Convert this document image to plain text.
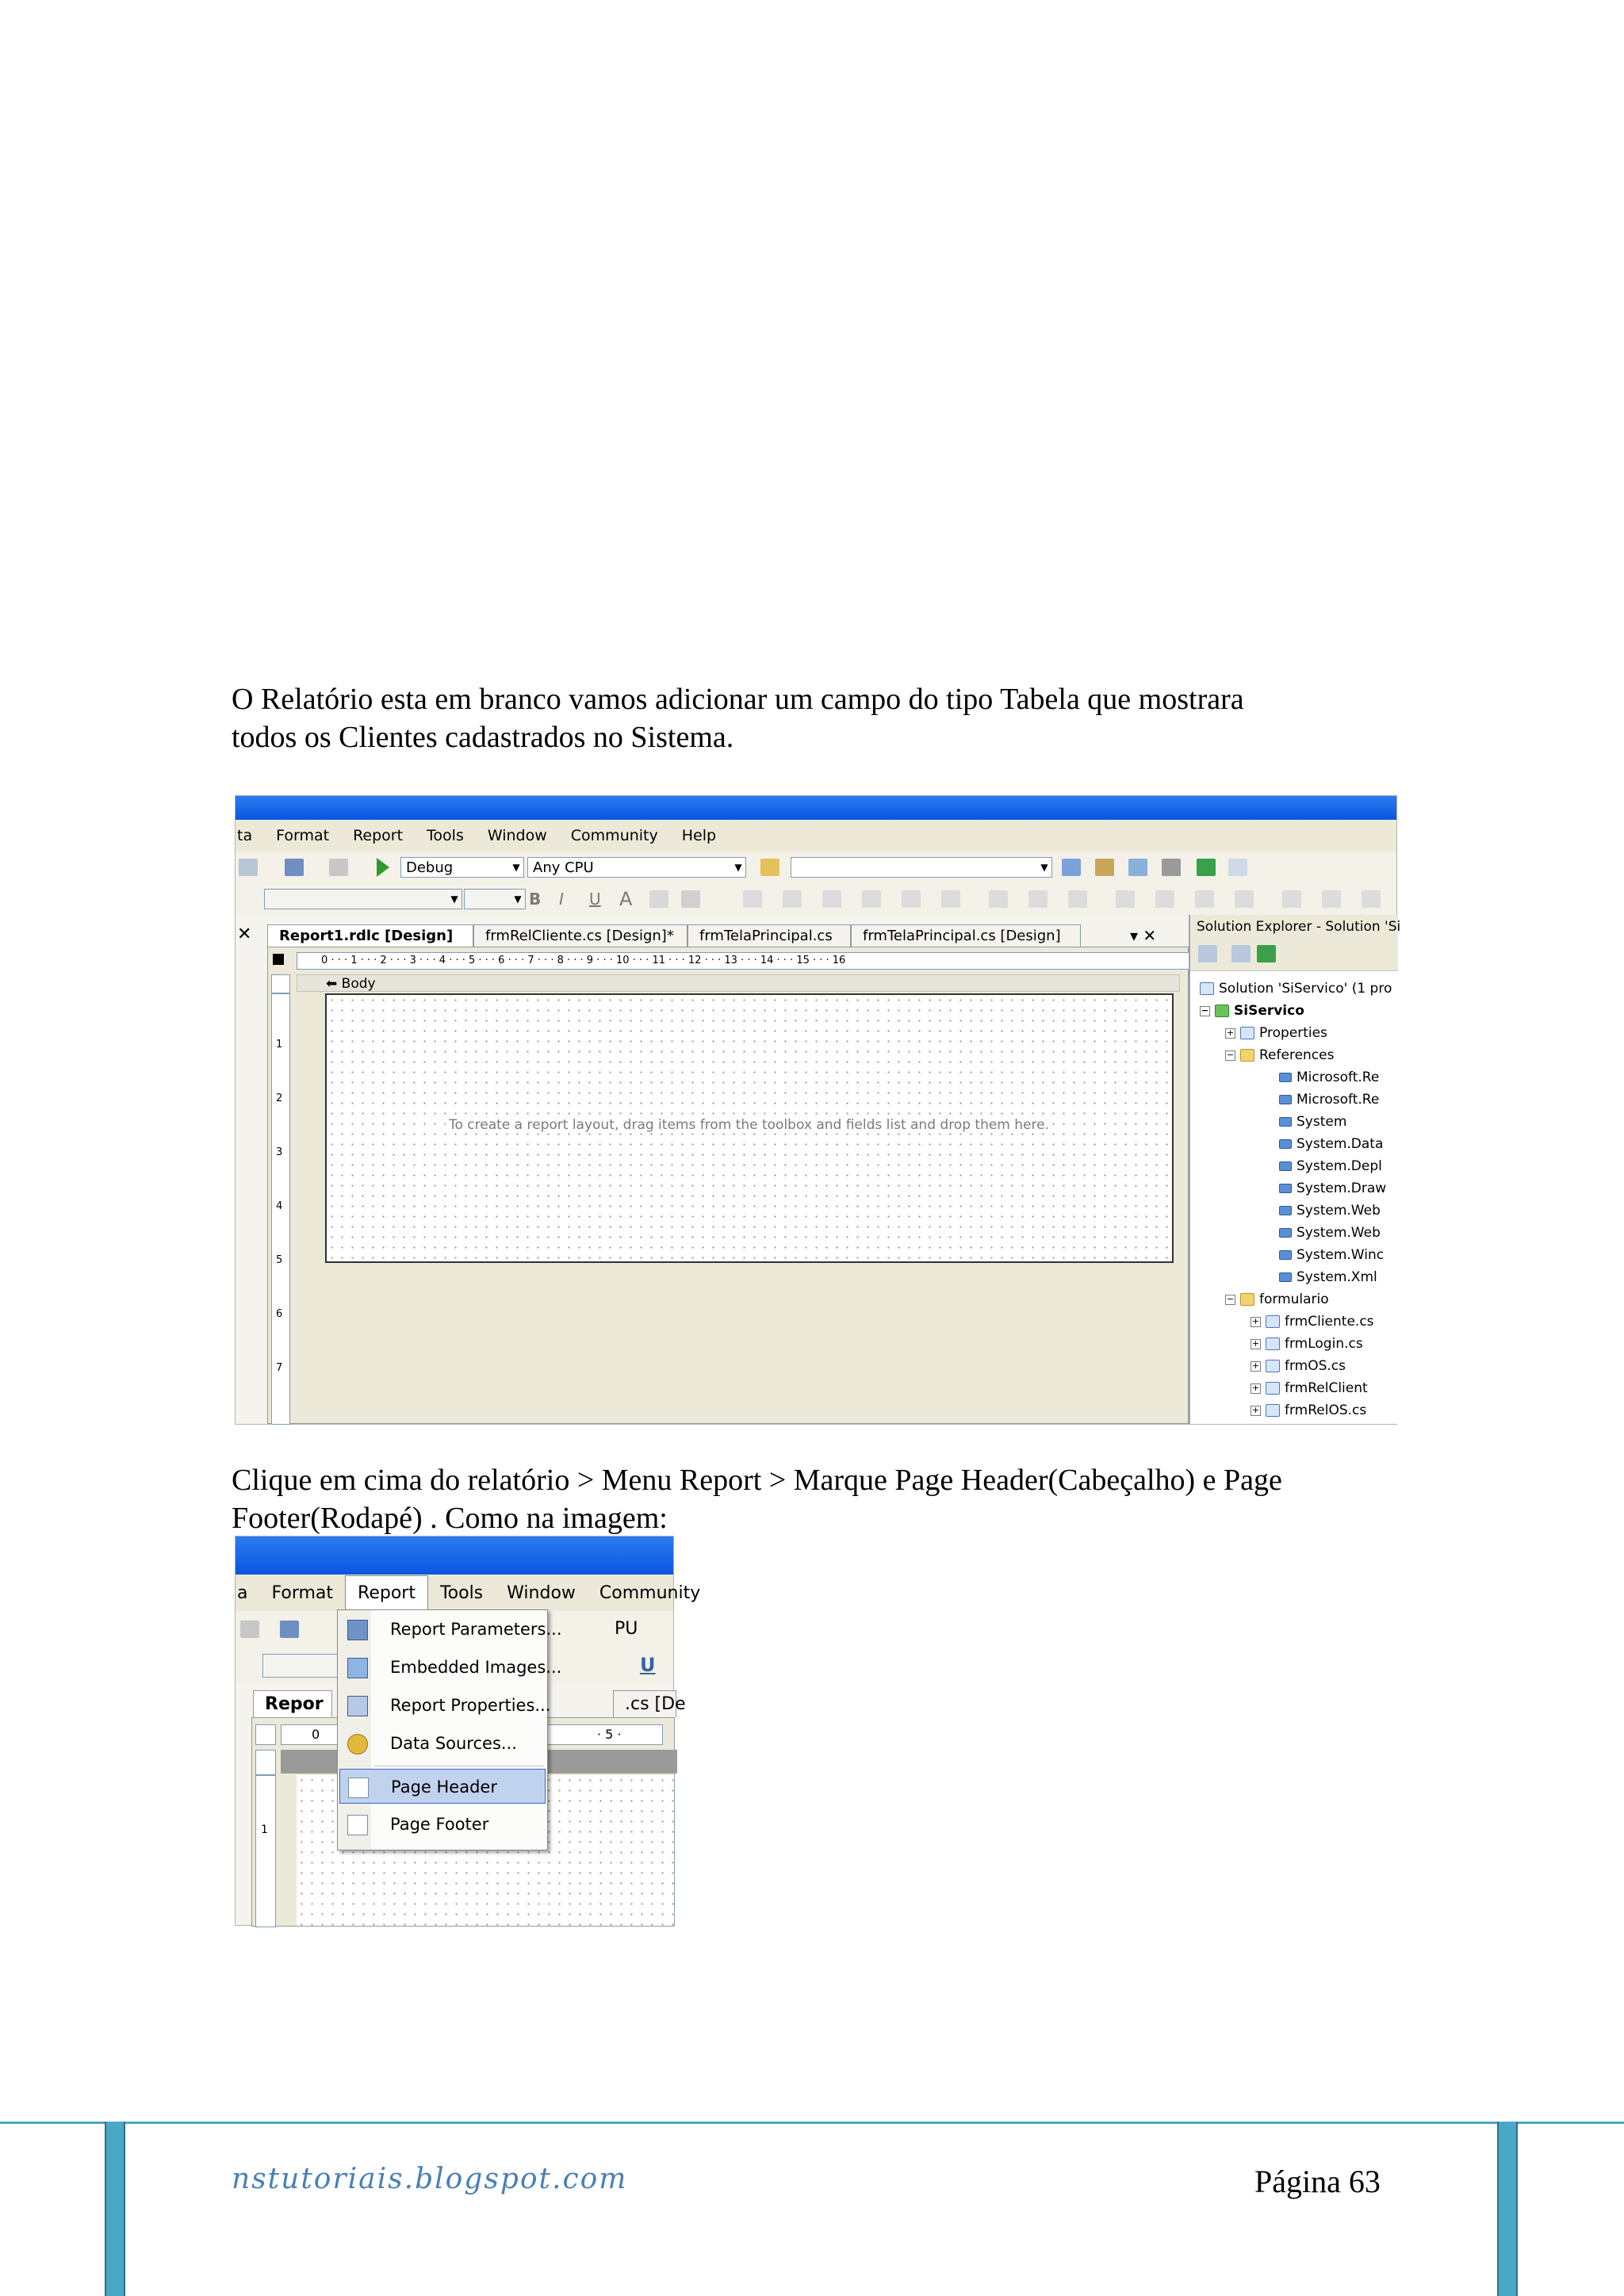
O Relatório esta em branco vamos adicionar um campo do tipo Tabela que mostrara
todos os Clientes cadastrados no Sistema.
ta	Format	Report	Tools	Window	Community	Help
Debug	▼ Any CPU	▼	▼
▼	▼ B I U A
✕	Report1.rdlc [Design]	frmRelCliente.cs [Design]*	frmTelaPrincipal.cs	frmTelaPrincipal.cs [Design]	▾ ✕
0 · · · 1 · · · 2 · · · 3 · · · 4 · · · 5 · · · 6 · · · 7 · · · 8 · · · 9 · · · 10 · · · 11 · · · 12 · · · 13 · · · 14 · · · 15 · · · 16
⬅ Body
1
2
3
4
5
6
7
To create a report layout, drag items from the toolbox and fields list and drop them here.
Solution Explorer - Solution 'Si
Solution 'SiServico' (1 pro
− SiServico
+ Properties
− References
Microsoft.Re
Microsoft.Re
System
System.Data
System.Depl
System.Draw
System.Web
System.Web
System.Winc
System.Xml
− formulario
+ frmCliente.cs
+ frmLogin.cs
+ frmOS.cs
+ frmRelClient
+ frmRelOS.cs
Clique em cima do relatório > Menu Report > Marque Page Header(Cabeçalho) e Page
Footer(Rodapé) . Como na imagem:
a	Format	Report	Tools	Window	Community
PU
U
Repor	.cs [De
0	· 5 ·
1
Report Parameters...
Embedded Images...
Report Properties...
Data Sources...
Page Header
Page Footer
nstutoriais.blogspot.com	Página 63
